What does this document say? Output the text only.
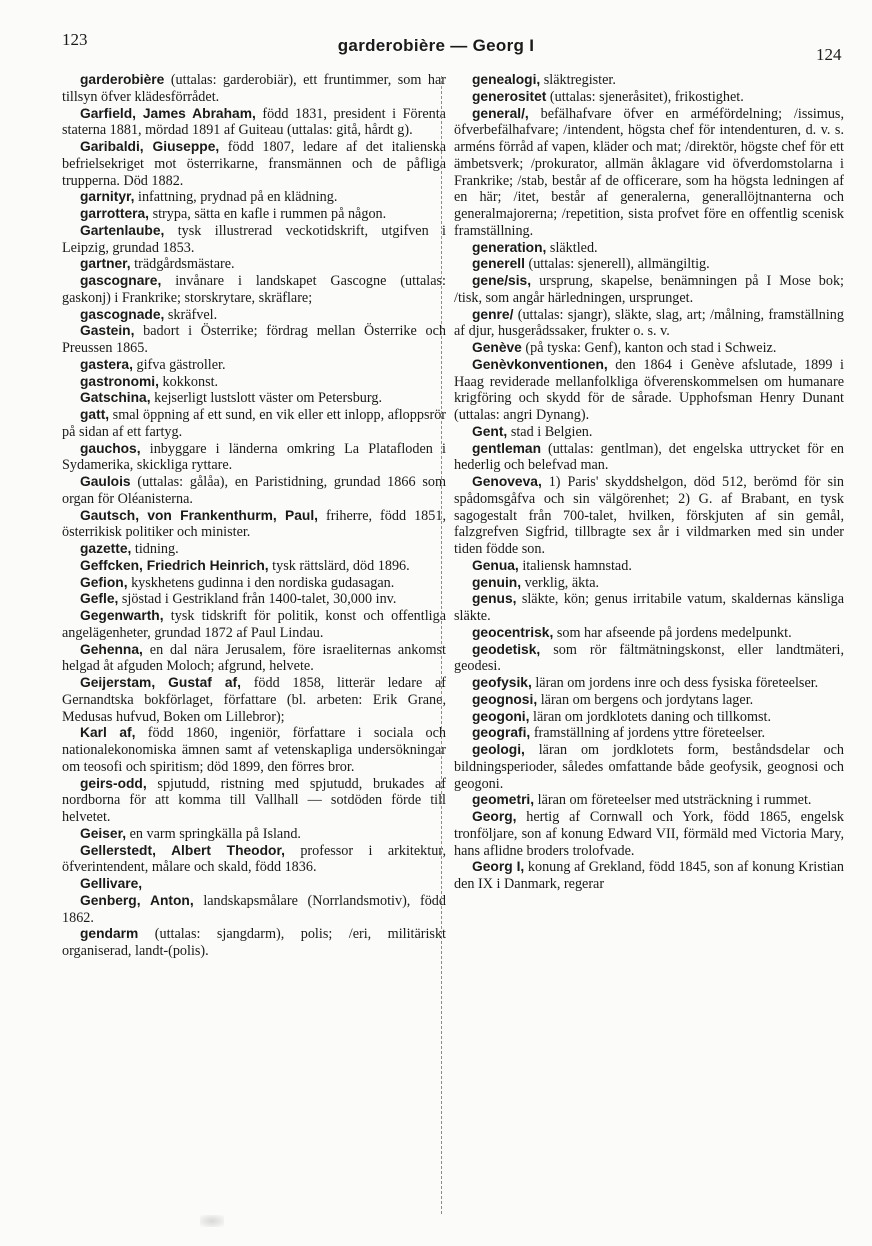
123	garderobière — Georg I	124

garderobière (uttalas: garderobiär), ett fruntimmer, som har tillsyn öfver klädesförrådet.

Garfield, James Abraham, född 1831, president i Förenta staterna 1881, mördad 1891 af Guiteau (uttalas: gitå, hårdt g).

Garibaldi, Giuseppe, född 1807, ledare af det italienska befrielsekriget mot österrikarne, fransmännen och de påfliga trupperna. Död 1882.

garnityr, infattning, prydnad på en klädning.

garrottera, strypa, sätta en kafle i rummen på någon.

Gartenlaube, tysk illustrerad veckotidskrift, utgifven i Leipzig, grundad 1853.

gartner, trädgårdsmästare.

gascognare, invånare i landskapet Gascogne (uttalas: gaskonj) i Frankrike; storskrytare, skräflare;

gascognade, skräfvel.

Gastein, badort i Österrike; fördrag mellan Österrike och Preussen 1865.

gastera, gifva gästroller.

gastronomi, kokkonst.

Gatschina, kejserligt lustslott väster om Petersburg.

gatt, smal öppning af ett sund, en vik eller ett inlopp, afloppsrör på sidan af ett fartyg.

gauchos, inbyggare i länderna omkring La Platafloden i Sydamerika, skickliga ryttare.

Gaulois (uttalas: gålåa), en Paristidning, grundad 1866 som organ för Oléanisterna.

Gautsch, von Frankenthurm, Paul, friherre, född 1851, österrikisk politiker och minister.

gazette, tidning.

Geffcken, Friedrich Heinrich, tysk rättslärd, död 1896.

Gefion, kyskhetens gudinna i den nordiska gudasagan.

Gefle, sjöstad i Gestrikland från 1400-talet, 30,000 inv.

Gegenwarth, tysk tidskrift för politik, konst och offentliga angelägenheter, grundad 1872 af Paul Lindau.

Gehenna, en dal nära Jerusalem, före israeliternas ankomst helgad åt afguden Moloch; afgrund, helvete.

Geijerstam, Gustaf af, född 1858, litterär ledare af Gernandtska bokförlaget, författare (bl. arbeten: Erik Grane, Medusas hufvud, Boken om Lillebror);

Karl af, född 1860, ingeniör, författare i sociala och nationalekonomiska ämnen samt af vetenskapliga undersökningar om teosofi och spiritism; död 1899, den förres bror.

geirs-odd, spjutudd, ristning med spjutudd, brukades af nordborna för att komma till Vallhall — sotdöden förde till helvetet.

Geiser, en varm springkälla på Island.

Gellerstedt, Albert Theodor, professor i arkitektur, öfverintendent, målare och skald, född 1836.

Gellivare,

Genberg, Anton, landskapsmålare (Norrlandsmotiv), född 1862.

gendarm (uttalas: sjangdarm), polis; /eri, militäriskt organiserad, landt-(polis).

genealogi, släktregister.

generositet (uttalas: sjeneråsitet), frikostighet.

general/, befälhafvare öfver en arméfördelning; /issimus, öfverbefälhafvare; /intendent, högsta chef för intendenturen, d. v. s. arméns förråd af vapen, kläder och mat; /direktör, högste chef för ett ämbetsverk; /prokurator, allmän åklagare vid öfverdomstolarna i Frankrike; /stab, består af de officerare, som ha högsta ledningen af en här; /itet, består af generalerna, generallöjtnanterna och generalmajorerna; /repetition, sista profvet före en offentlig scenisk framställning.

generation, släktled.

generell (uttalas: sjenerell), allmängiltig.

gene/sis, ursprung, skapelse, benämningen på I Mose bok; /tisk, som angår härledningen, ursprunget.

genre/ (uttalas: sjangr), släkte, slag, art; /målning, framställning af djur, husgerådssaker, frukter o. s. v.

Genève (på tyska: Genf), kanton och stad i Schweiz.

Genèvkonventionen, den 1864 i Genève afslutade, 1899 i Haag reviderade mellanfolkliga öfverenskommelsen om humanare krigföring och skydd för de sårade. Upphofsman Henry Dunant (uttalas: angri Dynang).

Gent, stad i Belgien.

gentleman (uttalas: gentlman), det engelska uttrycket för en hederlig och belefvad man.

Genoveva, 1) Paris' skyddshelgon, död 512, berömd för sin spådomsgåfva och sin välgörenhet; 2) G. af Brabant, en tysk sagogestalt från 700-talet, hvilken, förskjuten af sin gemål, falzgrefven Sigfrid, tillbragte sex år i vildmarken med sin under tiden födde son.

Genua, italiensk hamnstad.

genuin, verklig, äkta.

genus, släkte, kön; genus irritabile vatum, skaldernas känsliga släkte.

geocentrisk, som har afseende på jordens medelpunkt.

geodetisk, som rör fältmätningskonst, eller landtmäteri, geodesi.

geofysik, läran om jordens inre och dess fysiska företeelser.

geognosi, läran om bergens och jordytans lager.

geogoni, läran om jordklotets daning och tillkomst.

geografi, framställning af jordens yttre företeelser.

geologi, läran om jordklotets form, beståndsdelar och bildningsperioder, således omfattande både geofysik, geognosi och geogoni.

geometri, läran om företeelser med utsträckning i rummet.

Georg, hertig af Cornwall och York, född 1865, engelsk tronföljare, son af konung Edward VII, förmäld med Victoria Mary, hans aflidne broders trolofvade.

Georg I, konung af Grekland, född 1845, son af konung Kristian den IX i Danmark, regerar
